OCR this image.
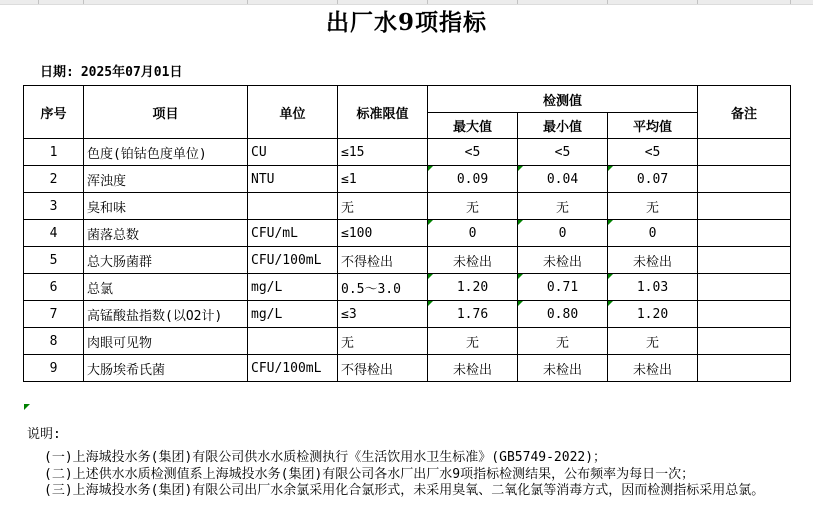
出厂水9项指标
日期: 2025年07月01日
序号	项目	单位	标准限值	检测值			备注
				最大值	最小值	平均值	
1	色度(铂钴色度单位)	CU	≤15	<5	<5	<5	
2	浑浊度	NTU	≤1	0.09	0.04	0.07	
3	臭和味		无	无	无	无	
4	菌落总数	CFU/mL	≤100	0	0	0	
5	总大肠菌群	CFU/100mL	不得检出	未检出	未检出	未检出	
6	总氯	mg/L	0.5～3.0	1.20	0.71	1.03	
7	高锰酸盐指数(以O2计)	mg/L	≤3	1.76	0.80	1.20	
8	肉眼可见物		无	无	无	无	
9	大肠埃希氏菌	CFU/100mL	不得检出	未检出	未检出	未检出	
说明:
(一)上海城投水务(集团)有限公司供水水质检测执行《生活饮用水卫生标准》(GB5749-2022)；
(二)上述供水水质检测值系上海城投水务(集团)有限公司各水厂出厂水9项指标检测结果，公布频率为每日一次；
(三)上海城投水务(集团)有限公司出厂水余氯采用化合氯形式，未采用臭氧、二氧化氯等消毒方式，因而检测指标采用总氯。
